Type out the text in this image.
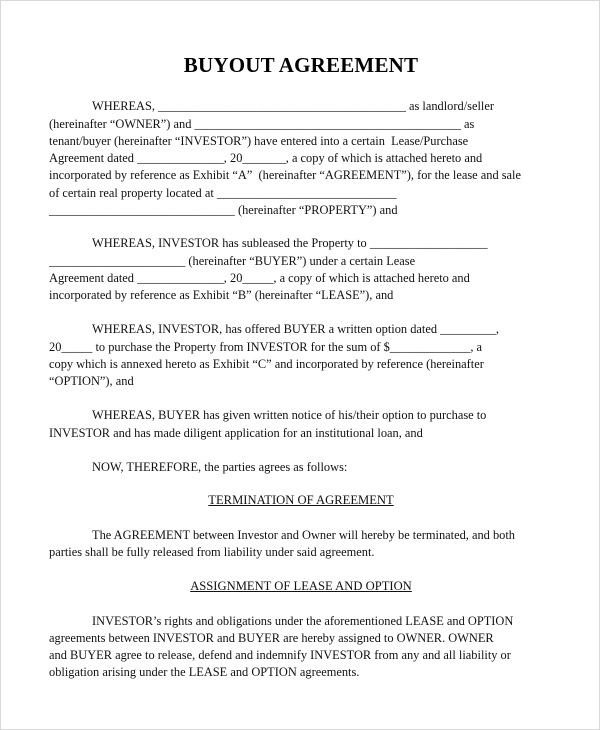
BUYOUT AGREEMENT
WHEREAS, ________________________________________ as landlord/seller
(hereinafter “OWNER”) and ___________________________________________ as
tenant/buyer (hereinafter “INVESTOR”) have entered into a certain  Lease/Purchase
Agreement dated ______________, 20_______, a copy of which is attached hereto and
incorporated by reference as Exhibit “A”  (hereinafter “AGREEMENT”), for the lease and sale
of certain real property located at _____________________________
______________________________ (hereinafter “PROPERTY”) and
WHEREAS, INVESTOR has subleased the Property to ___________________
______________________ (hereinafter “BUYER”) under a certain Lease
Agreement dated ______________, 20_____, a copy of which is attached hereto and
incorporated by reference as Exhibit “B” (hereinafter “LEASE”), and
WHEREAS, INVESTOR, has offered BUYER a written option dated _________,
20_____ to purchase the Property from INVESTOR for the sum of $_____________, a
copy which is annexed hereto as Exhibit “C” and incorporated by reference (hereinafter
“OPTION”), and
WHEREAS, BUYER has given written notice of his/their option to purchase to
INVESTOR and has made diligent application for an institutional loan, and
NOW, THEREFORE, the parties agrees as follows:
TERMINATION OF AGREEMENT
The AGREEMENT between Investor and Owner will hereby be terminated, and both
parties shall be fully released from liability under said agreement.
ASSIGNMENT OF LEASE AND OPTION
INVESTOR’s rights and obligations under the aforementioned LEASE and OPTION
agreements between INVESTOR and BUYER are hereby assigned to OWNER. OWNER
and BUYER agree to release, defend and indemnify INVESTOR from any and all liability or
obligation arising under the LEASE and OPTION agreements.
